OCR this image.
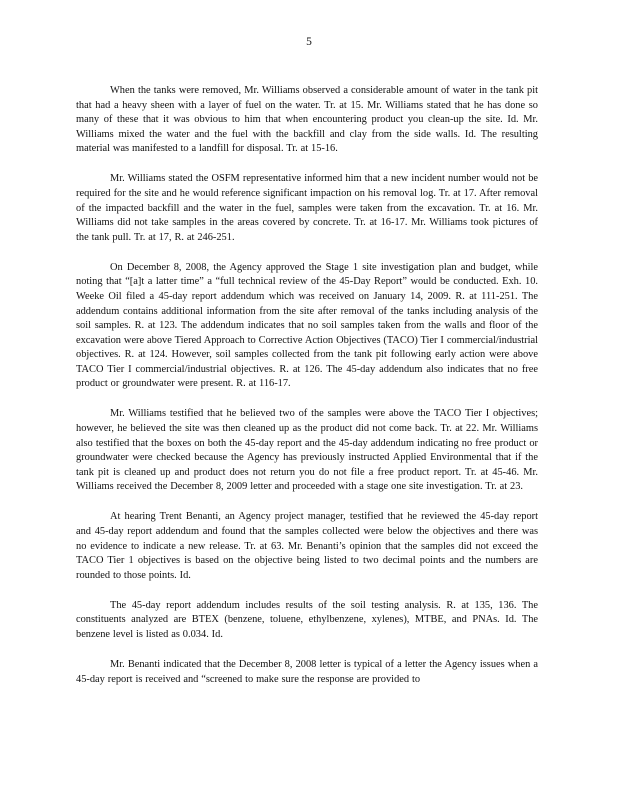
5

When the tanks were removed, Mr. Williams observed a considerable amount of water in the tank pit that had a heavy sheen with a layer of fuel on the water. Tr. at 15. Mr. Williams stated that he has done so many of these that it was obvious to him that when encountering product you clean-up the site. Id. Mr. Williams mixed the water and the fuel with the backfill and clay from the side walls. Id. The resulting material was manifested to a landfill for disposal. Tr. at 15-16.

Mr. Williams stated the OSFM representative informed him that a new incident number would not be required for the site and he would reference significant impaction on his removal log. Tr. at 17. After removal of the impacted backfill and the water in the fuel, samples were taken from the excavation. Tr. at 16. Mr. Williams did not take samples in the areas covered by concrete. Tr. at 16-17. Mr. Williams took pictures of the tank pull. Tr. at 17, R. at 246-251.

On December 8, 2008, the Agency approved the Stage 1 site investigation plan and budget, while noting that “[a]t a latter time” a “full technical review of the 45-Day Report” would be conducted. Exh. 10. Weeke Oil filed a 45-day report addendum which was received on January 14, 2009. R. at 111-251. The addendum contains additional information from the site after removal of the tanks including analysis of the soil samples. R. at 123. The addendum indicates that no soil samples taken from the walls and floor of the excavation were above Tiered Approach to Corrective Action Objectives (TACO) Tier I commercial/industrial objectives. R. at 124. However, soil samples collected from the tank pit following early action were above TACO Tier I commercial/industrial objectives. R. at 126. The 45-day addendum also indicates that no free product or groundwater were present. R. at 116-17.

Mr. Williams testified that he believed two of the samples were above the TACO Tier I objectives; however, he believed the site was then cleaned up as the product did not come back. Tr. at 22. Mr. Williams also testified that the boxes on both the 45-day report and the 45-day addendum indicating no free product or groundwater were checked because the Agency has previously instructed Applied Environmental that if the tank pit is cleaned up and product does not return you do not file a free product report. Tr. at 45-46. Mr. Williams received the December 8, 2009 letter and proceeded with a stage one site investigation. Tr. at 23.

At hearing Trent Benanti, an Agency project manager, testified that he reviewed the 45-day report and 45-day report addendum and found that the samples collected were below the objectives and there was no evidence to indicate a new release. Tr. at 63. Mr. Benanti’s opinion that the samples did not exceed the TACO Tier 1 objectives is based on the objective being listed to two decimal points and the numbers are rounded to those points. Id.

The 45-day report addendum includes results of the soil testing analysis. R. at 135, 136. The constituents analyzed are BTEX (benzene, toluene, ethylbenzene, xylenes), MTBE, and PNAs. Id. The benzene level is listed as 0.034. Id.

Mr. Benanti indicated that the December 8, 2008 letter is typical of a letter the Agency issues when a 45-day report is received and “screened to make sure the response are provided to
